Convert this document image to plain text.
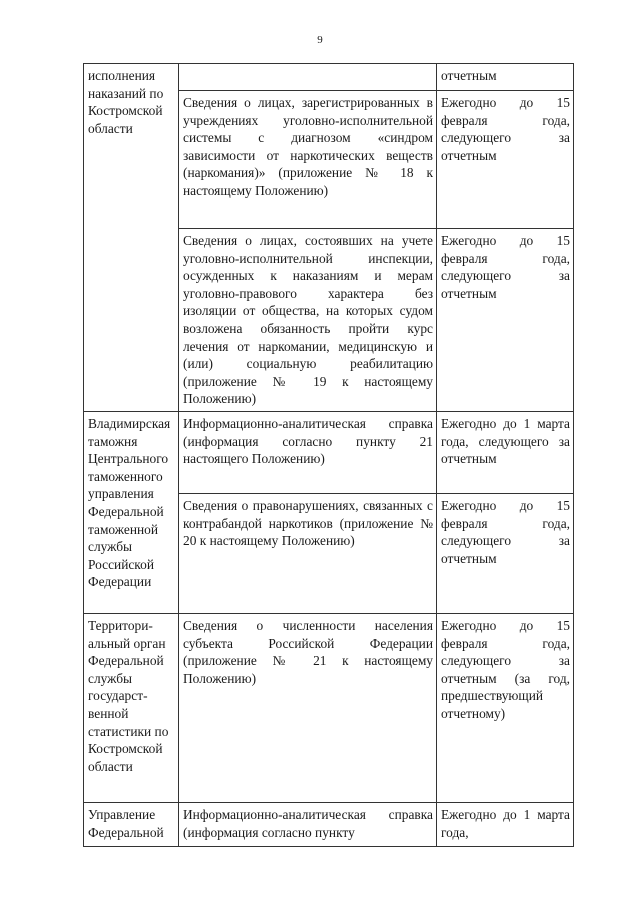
9
исполнения наказаний по Костромской области		отчетным

	Сведения о лицах, зарегистрированных в учреждениях уголовно-исполнительной системы с диагнозом «синдром зависимости от наркотических веществ (наркомания)» (приложение № 18 к настоящему Положению)	Ежегодно до 15 февраля года, следующего за отчетным

	Сведения о лицах, состоявших на учете уголовно-исполнительной инспекции, осужденных к наказаниям и мерам уголовно-правового характера без изоляции от общества, на которых судом возложена обязанность пройти курс лечения от наркомании, медицинскую и (или) социальную реабилитацию (приложение № 19 к настоящему Положению)	Ежегодно до 15 февраля года, следующего за отчетным

Владимирская таможня Центрального таможенного управления Федеральной таможенной службы Российской Федерации	Информационно-аналитическая справка (информация согласно пункту 21 настоящего Положению)	Ежегодно до 1 марта года, следующего за отчетным

	Сведения о правонарушениях, связанных с контрабандой наркотиков (приложение № 20 к настоящему Положению)	Ежегодно до 15 февраля года, следующего за отчетным

Территориальный орган Федеральной службы государственной статистики по Костромской области	Сведения о численности населения субъекта Российской Федерации (приложение № 21 к настоящему Положению)	Ежегодно до 15 февраля года, следующего за отчетным (за год, предшествующий отчетному)

Управление Федеральной	Информационно-аналитическая справка (информация согласно пункту	Ежегодно до 1 марта года,
